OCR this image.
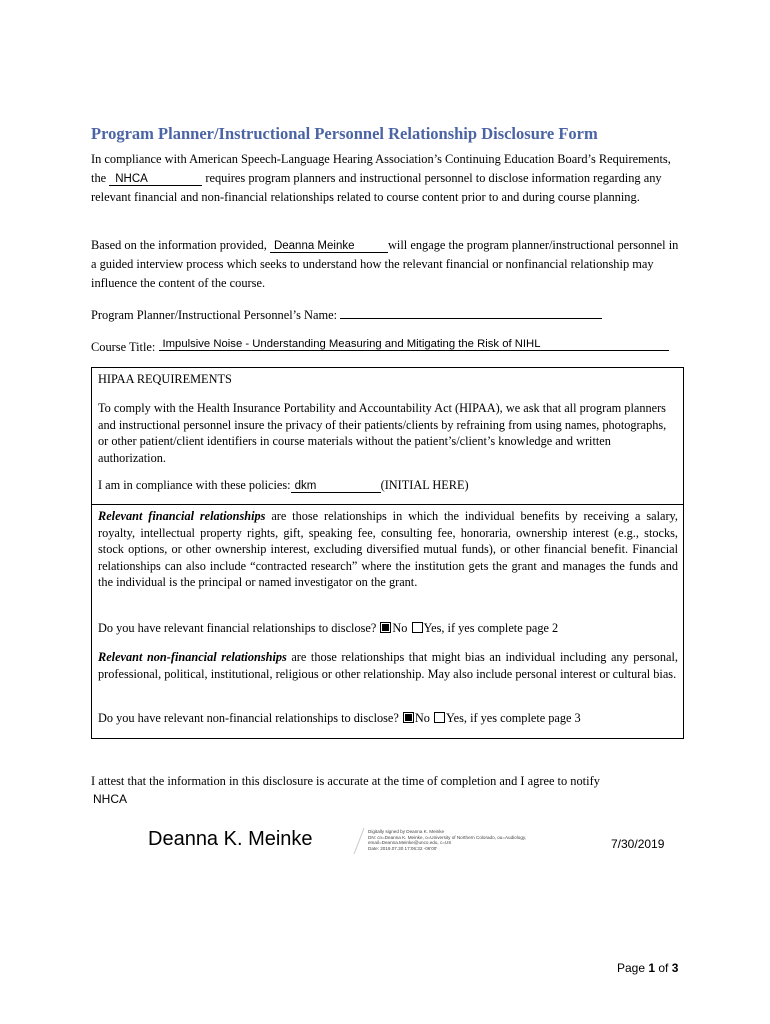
Program Planner/Instructional Personnel Relationship Disclosure Form
In compliance with American Speech-Language Hearing Association’s Continuing Education Board’s Requirements, the NHCA	requires program planners and instructional personnel to disclose information regarding any relevant financial and non-financial relationships related to course content prior to and during course planning.
Based on the information provided, Deanna Meinke	will engage the program planner/instructional personnel in a guided interview process which seeks to understand how the relevant financial or nonfinancial relationship may influence the content of the course.
Program Planner/Instructional Personnel’s Name:
Course Title: Impulsive Noise - Understanding Measuring and Mitigating the Risk of NIHL
HIPAA REQUIREMENTS
To comply with the Health Insurance Portability and Accountability Act (HIPAA), we ask that all program planners and instructional personnel insure the privacy of their patients/clients by refraining from using names, photographs, or other patient/client identifiers in course materials without the patient’s/client’s knowledge and written authorization.
I am in compliance with these policies: dkm	(INITIAL HERE)
Relevant financial relationships are those relationships in which the individual benefits by receiving a salary, royalty, intellectual property rights, gift, speaking fee, consulting fee, honoraria, ownership interest (e.g., stocks, stock options, or other ownership interest, excluding diversified mutual funds), or other financial benefit. Financial relationships can also include “contracted research” where the institution gets the grant and manages the funds and the individual is the principal or named investigator on the grant.
Do you have relevant financial relationships to disclose? No Yes, if yes complete page 2
Relevant non-financial relationships are those relationships that might bias an individual including any personal, professional, political, institutional, religious or other relationship. May also include personal interest or cultural bias.
Do you have relevant non-financial relationships to disclose? No Yes, if yes complete page 3
I attest that the information in this disclosure is accurate at the time of completion and I agree to notify
NHCA
Deanna K. Meinke	Digitally signed by Deanna K. Meinke
DN: cn=Deanna K. Meinke, o=University of Northern Colorado, ou=Audiology,
email=Deanna.Meinke@unco.edu, c=US
Date: 2019.07.30 17:06:32 -06'00'	7/30/2019
Page 1 of 3
